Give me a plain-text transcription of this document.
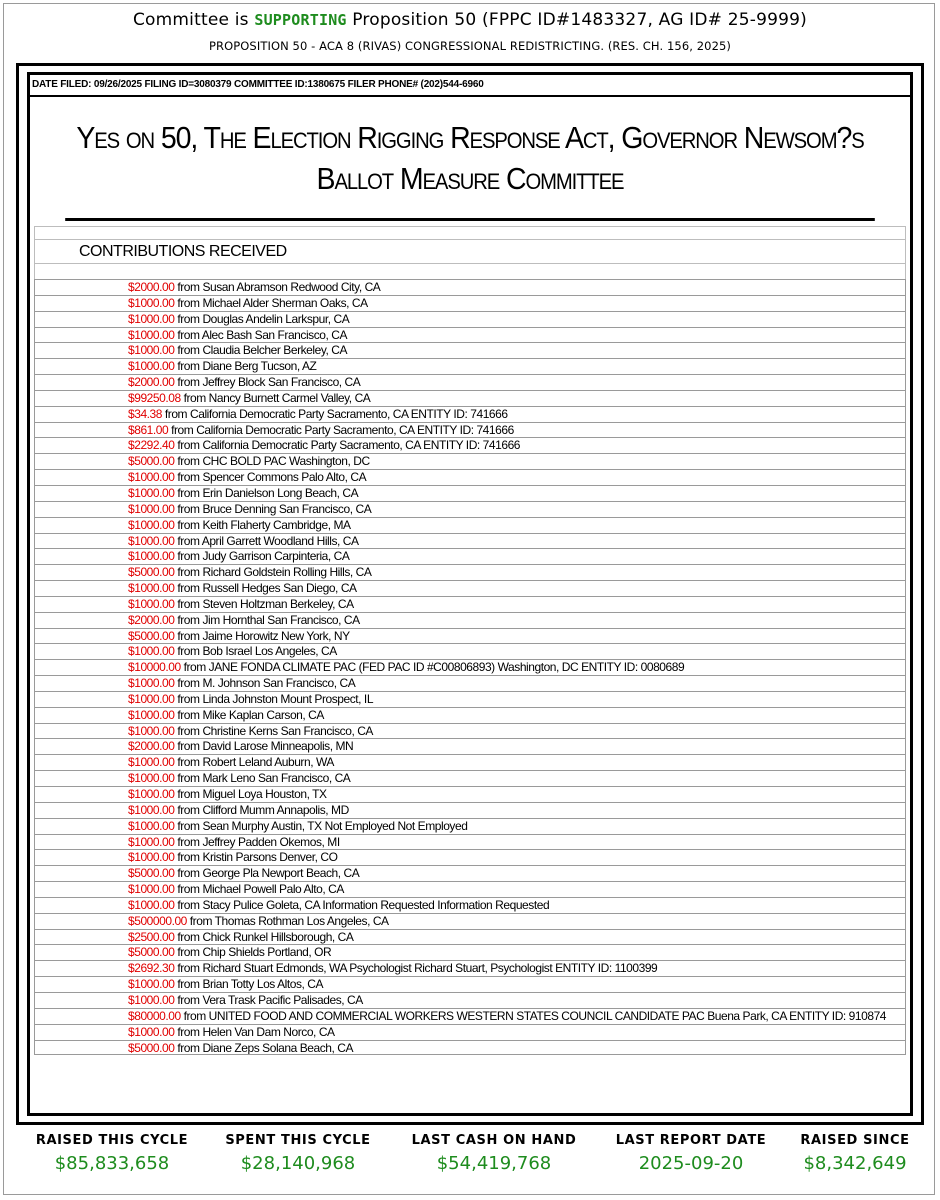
Committee is SUPPORTING Proposition 50 (FPPC ID#1483327, AG ID# 25-9999)
PROPOSITION 50 - ACA 8 (RIVAS) CONGRESSIONAL REDISTRICTING. (RES. CH. 156, 2025)
DATE FILED: 09/26/2025 FILING ID=3080379 COMMITTEE ID:1380675 FILER PHONE# (202)544-6960
Yes on 50, The Election Rigging Response Act, Governor Newsom?s Ballot Measure Committee
CONTRIBUTIONS RECEIVED
$2000.00 from Susan Abramson Redwood City, CA
$1000.00 from Michael Alder Sherman Oaks, CA
$1000.00 from Douglas Andelin Larkspur, CA
$1000.00 from Alec Bash San Francisco, CA
$1000.00 from Claudia Belcher Berkeley, CA
$1000.00 from Diane Berg Tucson, AZ
$2000.00 from Jeffrey Block San Francisco, CA
$99250.08 from Nancy Burnett Carmel Valley, CA
$34.38 from California Democratic Party Sacramento, CA ENTITY ID: 741666
$861.00 from California Democratic Party Sacramento, CA ENTITY ID: 741666
$2292.40 from California Democratic Party Sacramento, CA ENTITY ID: 741666
$5000.00 from CHC BOLD PAC Washington, DC
$1000.00 from Spencer Commons Palo Alto, CA
$1000.00 from Erin Danielson Long Beach, CA
$1000.00 from Bruce Denning San Francisco, CA
$1000.00 from Keith Flaherty Cambridge, MA
$1000.00 from April Garrett Woodland Hills, CA
$1000.00 from Judy Garrison Carpinteria, CA
$5000.00 from Richard Goldstein Rolling Hills, CA
$1000.00 from Russell Hedges San Diego, CA
$1000.00 from Steven Holtzman Berkeley, CA
$2000.00 from Jim Hornthal San Francisco, CA
$5000.00 from Jaime Horowitz New York, NY
$1000.00 from Bob Israel Los Angeles, CA
$10000.00 from JANE FONDA CLIMATE PAC (FED PAC ID #C00806893) Washington, DC ENTITY ID: 0080689
$1000.00 from M. Johnson San Francisco, CA
$1000.00 from Linda Johnston Mount Prospect, IL
$1000.00 from Mike Kaplan Carson, CA
$1000.00 from Christine Kerns San Francisco, CA
$2000.00 from David Larose Minneapolis, MN
$1000.00 from Robert Leland Auburn, WA
$1000.00 from Mark Leno San Francisco, CA
$1000.00 from Miguel Loya Houston, TX
$1000.00 from Clifford Mumm Annapolis, MD
$1000.00 from Sean Murphy Austin, TX Not Employed Not Employed
$1000.00 from Jeffrey Padden Okemos, MI
$1000.00 from Kristin Parsons Denver, CO
$5000.00 from George Pla Newport Beach, CA
$1000.00 from Michael Powell Palo Alto, CA
$1000.00 from Stacy Pulice Goleta, CA Information Requested Information Requested
$500000.00 from Thomas Rothman Los Angeles, CA
$2500.00 from Chick Runkel Hillsborough, CA
$5000.00 from Chip Shields Portland, OR
$2692.30 from Richard Stuart Edmonds, WA Psychologist Richard Stuart, Psychologist ENTITY ID: 1100399
$1000.00 from Brian Totty Los Altos, CA
$1000.00 from Vera Trask Pacific Palisades, CA
$80000.00 from UNITED FOOD AND COMMERCIAL WORKERS WESTERN STATES COUNCIL CANDIDATE PAC Buena Park, CA ENTITY ID: 910874
$1000.00 from Helen Van Dam Norco, CA
$5000.00 from Diane Zeps Solana Beach, CA
RAISED THIS CYCLE
$85,833,658
SPENT THIS CYCLE
$28,140,968
LAST CASH ON HAND
$54,419,768
LAST REPORT DATE
2025-09-20
RAISED SINCE
$8,342,649
